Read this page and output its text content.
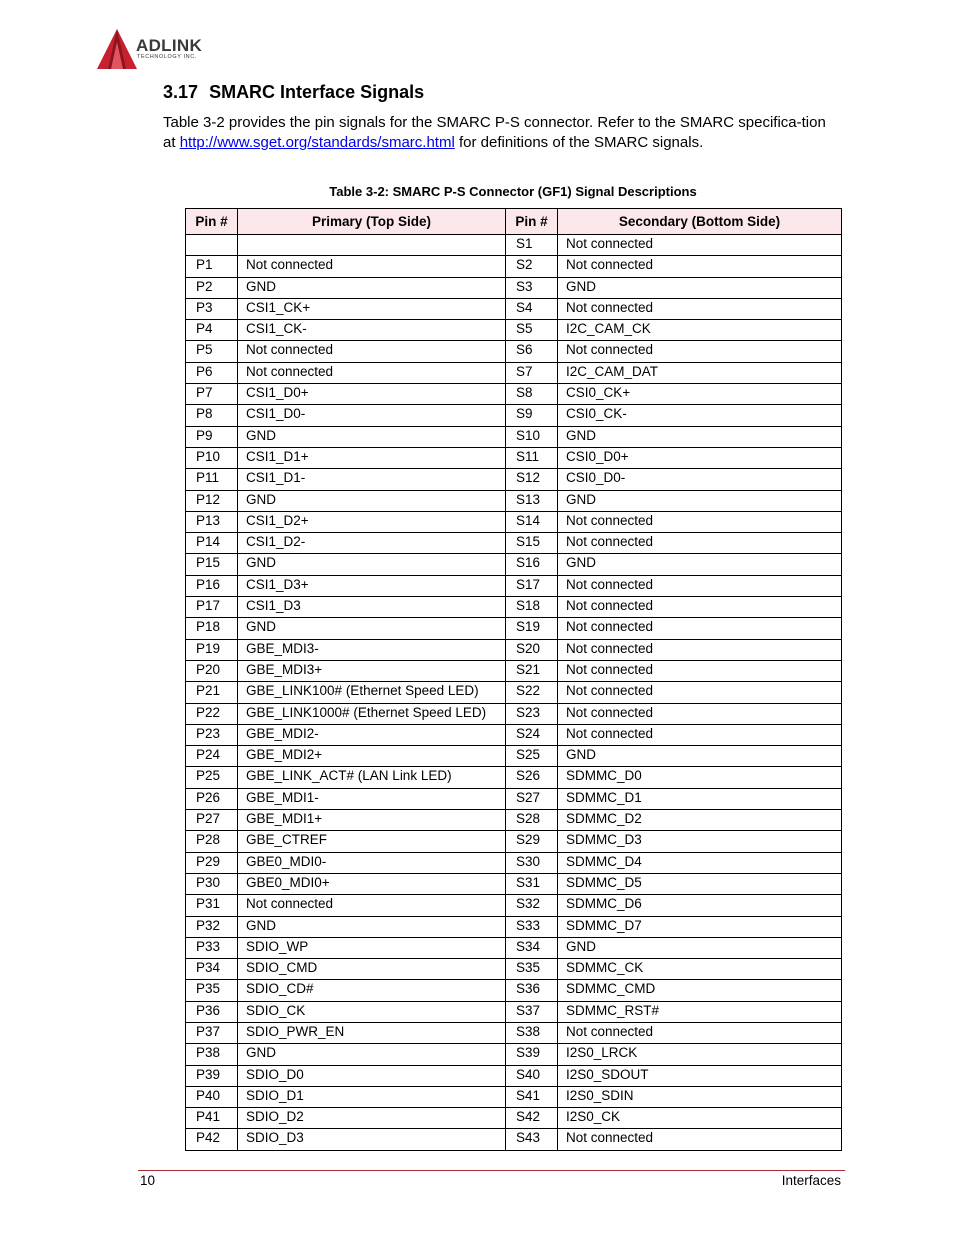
ADLINK
TECHNOLOGY INC.
3.17 SMARC Interface Signals

Table 3-2 provides the pin signals for the SMARC P-S connector. Refer to the SMARC specifica-tion at http://www.sget.org/standards/smarc.html for definitions of the SMARC signals.

Table 3-2: SMARC P-S Connector (GF1) Signal Descriptions
Pin #	Primary (Top Side)	Pin #	Secondary (Bottom Side)
		S1	Not connected
P1	Not connected	S2	Not connected
P2	GND	S3	GND
P3	CSI1_CK+	S4	Not connected
P4	CSI1_CK-	S5	I2C_CAM_CK
P5	Not connected	S6	Not connected
P6	Not connected	S7	I2C_CAM_DAT
P7	CSI1_D0+	S8	CSI0_CK+
P8	CSI1_D0-	S9	CSI0_CK-
P9	GND	S10	GND
P10	CSI1_D1+	S11	CSI0_D0+
P11	CSI1_D1-	S12	CSI0_D0-
P12	GND	S13	GND
P13	CSI1_D2+	S14	Not connected
P14	CSI1_D2-	S15	Not connected
P15	GND	S16	GND
P16	CSI1_D3+	S17	Not connected
P17	CSI1_D3	S18	Not connected
P18	GND	S19	Not connected
P19	GBE_MDI3-	S20	Not connected
P20	GBE_MDI3+	S21	Not connected
P21	GBE_LINK100# (Ethernet Speed LED)	S22	Not connected
P22	GBE_LINK1000# (Ethernet Speed LED)	S23	Not connected
P23	GBE_MDI2-	S24	Not connected
P24	GBE_MDI2+	S25	GND
P25	GBE_LINK_ACT# (LAN Link LED)	S26	SDMMC_D0
P26	GBE_MDI1-	S27	SDMMC_D1
P27	GBE_MDI1+	S28	SDMMC_D2
P28	GBE_CTREF	S29	SDMMC_D3
P29	GBE0_MDI0-	S30	SDMMC_D4
P30	GBE0_MDI0+	S31	SDMMC_D5
P31	Not connected	S32	SDMMC_D6
P32	GND	S33	SDMMC_D7
P33	SDIO_WP	S34	GND
P34	SDIO_CMD	S35	SDMMC_CK
P35	SDIO_CD#	S36	SDMMC_CMD
P36	SDIO_CK	S37	SDMMC_RST#
P37	SDIO_PWR_EN	S38	Not connected
P38	GND	S39	I2S0_LRCK
P39	SDIO_D0	S40	I2S0_SDOUT
P40	SDIO_D1	S41	I2S0_SDIN
P41	SDIO_D2	S42	I2S0_CK
P42	SDIO_D3	S43	Not connected
10	Interfaces
